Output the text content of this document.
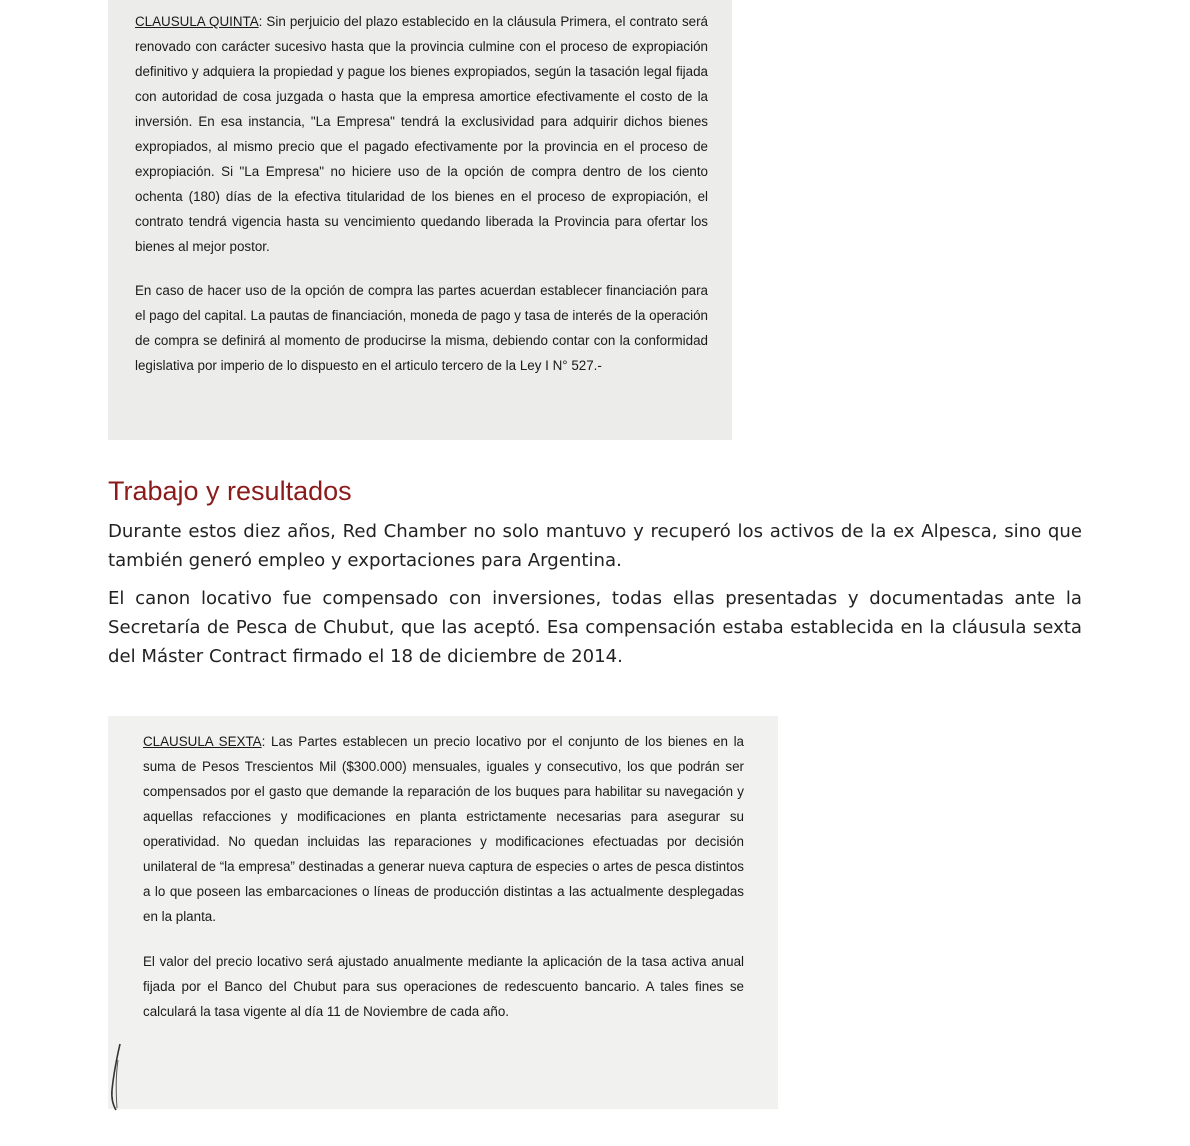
CLAUSULA QUINTA: Sin perjuicio del plazo establecido en la cláusula Primera, el contrato será renovado con carácter sucesivo hasta que la provincia culmine con el proceso de expropiación definitivo y adquiera la propiedad y pague los bienes expropiados, según la tasación legal fijada con autoridad de cosa juzgada o hasta que la empresa amortice efectivamente el costo de la inversión. En esa instancia, "La Empresa" tendrá la exclusividad para adquirir dichos bienes expropiados, al mismo precio que el pagado efectivamente por la provincia en el proceso de expropiación. Si "La Empresa" no hiciere uso de la opción de compra dentro de los ciento ochenta (180) días de la efectiva titularidad de los bienes en el proceso de expropiación, el contrato tendrá vigencia hasta su vencimiento quedando liberada la Provincia para ofertar los bienes al mejor postor.

En caso de hacer uso de la opción de compra las partes acuerdan establecer financiación para el pago del capital. La pautas de financiación, moneda de pago y tasa de interés de la operación de compra se definirá al momento de producirse la misma, debiendo contar con la conformidad legislativa por imperio de lo dispuesto en el articulo tercero de la Ley I N° 527.-

Trabajo y resultados

Durante estos diez años, Red Chamber no solo mantuvo y recuperó los activos de la ex Alpesca, sino que también generó empleo y exportaciones para Argentina.

El canon locativo fue compensado con inversiones, todas ellas presentadas y documentadas ante la Secretaría de Pesca de Chubut, que las aceptó. Esa compensación estaba establecida en la cláusula sexta del Máster Contract firmado el 18 de diciembre de 2014.

CLAUSULA SEXTA: Las Partes establecen un precio locativo por el conjunto de los bienes en la suma de Pesos Trescientos Mil ($300.000) mensuales, iguales y consecutivo, los que podrán ser compensados por el gasto que demande la reparación de los buques para habilitar su navegación y aquellas refacciones y modificaciones en planta estrictamente necesarias para asegurar su operatividad. No quedan incluidas las reparaciones y modificaciones efectuadas por decisión unilateral de “la empresa” destinadas a generar nueva captura de especies o artes de pesca distintos a lo que poseen las embarcaciones o líneas de producción distintas a las actualmente desplegadas en la planta.

El valor del precio locativo será ajustado anualmente mediante la aplicación de la tasa activa anual fijada por el Banco del Chubut para sus operaciones de redescuento bancario. A tales fines se calculará la tasa vigente al día 11 de Noviembre de cada año.
